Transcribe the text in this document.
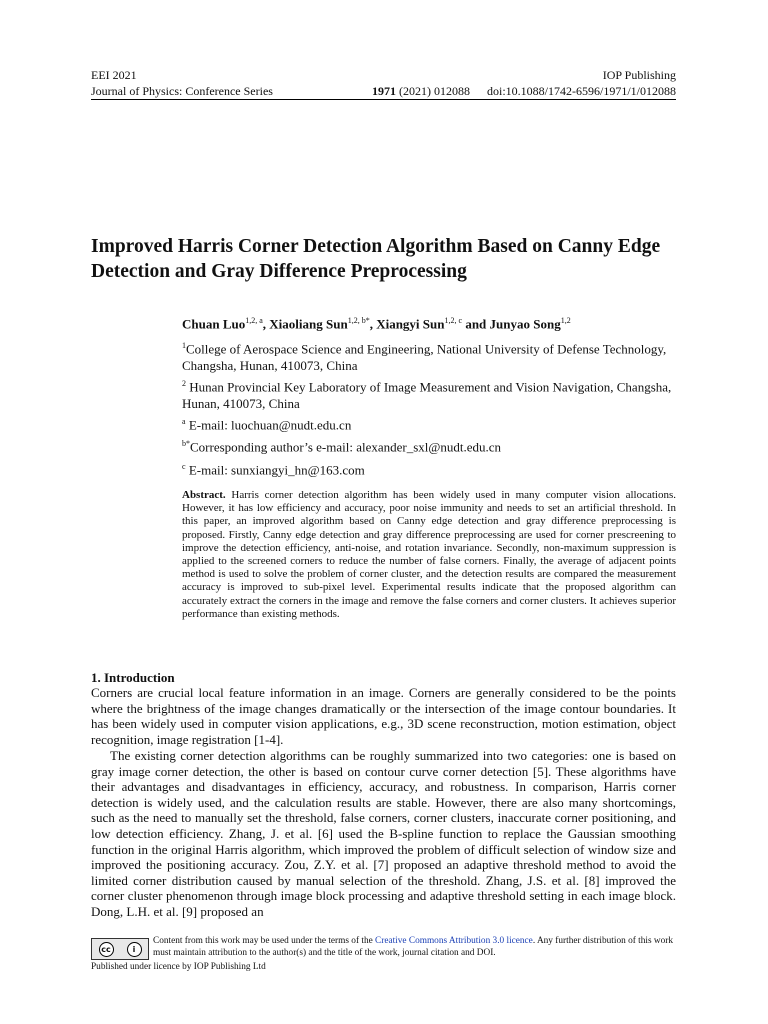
EEI 2021	IOP Publishing
Journal of Physics: Conference Series	1971 (2021) 012088 doi:10.1088/1742-6596/1971/1/012088
Improved Harris Corner Detection Algorithm Based on Canny Edge Detection and Gray Difference Preprocessing
Chuan Luo$^{1,2, a}$, Xiaoliang Sun$^{1,2, b*}$, Xiangyi Sun$^{1,2, c}$ and Junyao Song$^{1,2}$
$^1$College of Aerospace Science and Engineering, National University of Defense Technology, Changsha, Hunan, 410073, China
$^2$ Hunan Provincial Key Laboratory of Image Measurement and Vision Navigation, Changsha, Hunan, 410073, China
$^a$ E-mail: luochuan@nudt.edu.cn
$^{b*}$Corresponding author’s e-mail: alexander_sxl@nudt.edu.cn
$^c$ E-mail: sunxiangyi_hn@163.com

Abstract. Harris corner detection algorithm has been widely used in many computer vision allocations. However, it has low efficiency and accuracy, poor noise immunity and needs to set an artificial threshold. In this paper, an improved algorithm based on Canny edge detection and gray difference preprocessing is proposed. Firstly, Canny edge detection and gray difference preprocessing are used for corner prescreening to improve the detection efficiency, anti-noise, and rotation invariance. Secondly, non-maximum suppression is applied to the screened corners to reduce the number of false corners. Finally, the average of adjacent points method is used to solve the problem of corner cluster, and the detection results are compared the measurement accuracy is improved to sub-pixel level. Experimental results indicate that the proposed algorithm can accurately extract the corners in the image and remove the false corners and corner clusters. It achieves superior performance than existing methods.

1. Introduction

Corners are crucial local feature information in an image. Corners are generally considered to be the points where the brightness of the image changes dramatically or the intersection of the image contour boundaries. It has been widely used in computer vision applications, e.g., 3D scene reconstruction, motion estimation, object recognition, image registration [1-4].

The existing corner detection algorithms can be roughly summarized into two categories: one is based on gray image corner detection, the other is based on contour curve corner detection [5]. These algorithms have their advantages and disadvantages in efficiency, accuracy, and robustness. In comparison, Harris corner detection is widely used, and the calculation results are stable. However, there are also many shortcomings, such as the need to manually set the threshold, false corners, corner clusters, inaccurate corner positioning, and low detection efficiency. Zhang, J. et al. [6] used the B-spline function to replace the Gaussian smoothing function in the original Harris algorithm, which improved the problem of difficult selection of window size and improved the positioning accuracy. Zou, Z.Y. et al. [7] proposed an adaptive threshold method to avoid the limited corner distribution caused by manual selection of the threshold. Zhang, J.S. et al. [8] improved the corner cluster phenomenon through image block processing and adaptive threshold setting in each image block. Dong, L.H. et al. [9] proposed an

cc	i
Content from this work may be used under the terms of the Creative Commons Attribution 3.0 licence. Any further distribution of this work must maintain attribution to the author(s) and the title of the work, journal citation and DOI.
Published under licence by IOP Publishing Ltd
